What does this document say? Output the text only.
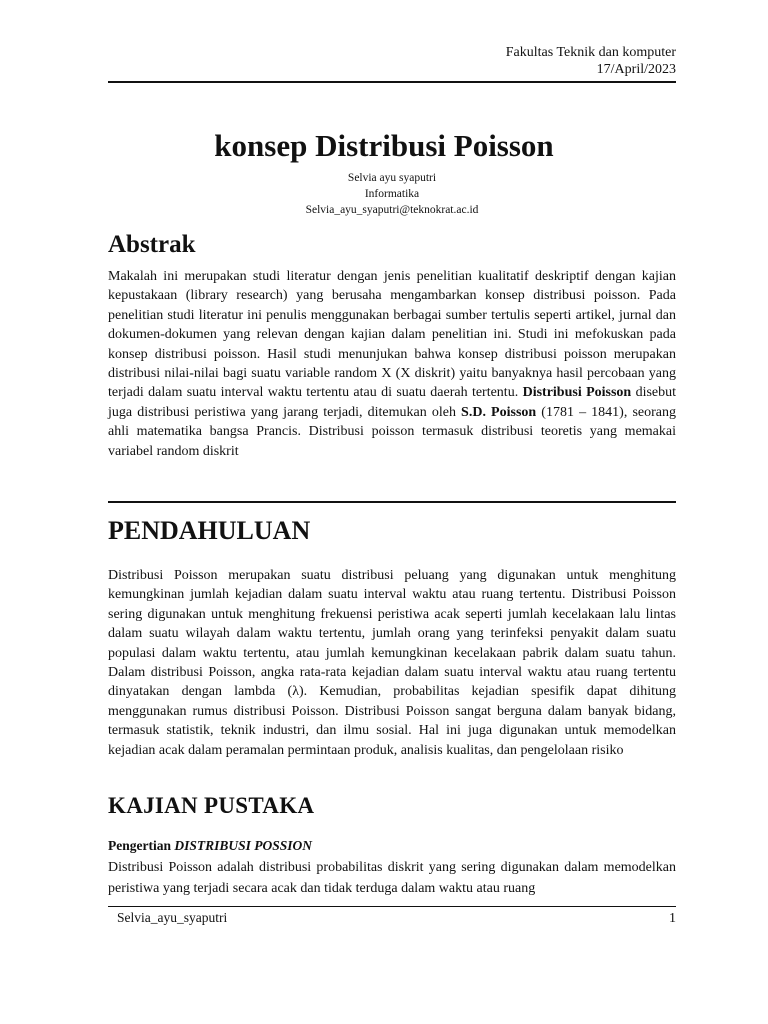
Fakultas Teknik dan komputer
17/April/2023
konsep Distribusi Poisson
Selvia ayu syaputri
Informatika
Selvia_ayu_syaputri@teknokrat.ac.id
Abstrak

Makalah ini merupakan studi literatur dengan jenis penelitian kualitatif deskriptif dengan kajian kepustakaan (library research) yang berusaha mengambarkan konsep distribusi poisson. Pada penelitian studi literatur ini penulis menggunakan berbagai sumber tertulis seperti artikel, jurnal dan dokumen-dokumen yang relevan dengan kajian dalam penelitian ini. Studi ini mefokuskan pada konsep distribusi poisson. Hasil studi menunjukan bahwa konsep distribusi poisson merupakan distribusi nilai-nilai bagi suatu variable random X (X diskrit) yaitu banyaknya hasil percobaan yang terjadi dalam suatu interval waktu tertentu atau di suatu daerah tertentu. Distribusi Poisson disebut juga distribusi peristiwa yang jarang terjadi, ditemukan oleh S.D. Poisson (1781 – 1841), seorang ahli matematika bangsa Prancis. Distribusi poisson termasuk distribusi teoretis yang memakai variabel random diskrit

PENDAHULUAN

Distribusi Poisson merupakan suatu distribusi peluang yang digunakan untuk menghitung kemungkinan jumlah kejadian dalam suatu interval waktu atau ruang tertentu. Distribusi Poisson sering digunakan untuk menghitung frekuensi peristiwa acak seperti jumlah kecelakaan lalu lintas dalam suatu wilayah dalam waktu tertentu, jumlah orang yang terinfeksi penyakit dalam suatu populasi dalam waktu tertentu, atau jumlah kemungkinan kecelakaan pabrik dalam suatu tahun. Dalam distribusi Poisson, angka rata-rata kejadian dalam suatu interval waktu atau ruang tertentu dinyatakan dengan lambda (λ). Kemudian, probabilitas kejadian spesifik dapat dihitung menggunakan rumus distribusi Poisson. Distribusi Poisson sangat berguna dalam banyak bidang, termasuk statistik, teknik industri, dan ilmu sosial. Hal ini juga digunakan untuk memodelkan kejadian acak dalam peramalan permintaan produk, analisis kualitas, dan pengelolaan risiko

KAJIAN PUSTAKA
Pengertian DISTRIBUSI POSSION

Distribusi Poisson adalah distribusi probabilitas diskrit yang sering digunakan dalam memodelkan peristiwa yang terjadi secara acak dan tidak terduga dalam waktu atau ruang

Selvia_ayu_syaputri	1
